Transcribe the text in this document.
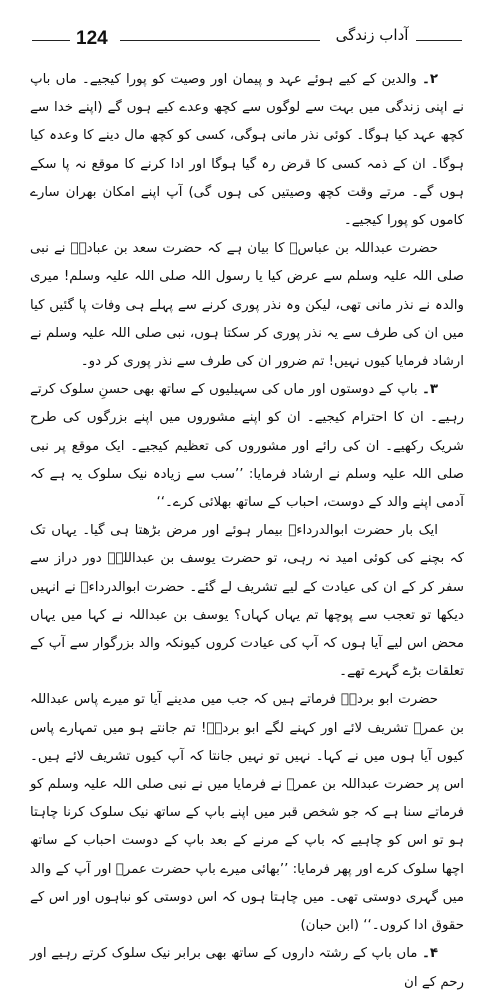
124	آداب زندگی

۲۔ والدین کے کیے ہوئے عہد و پیمان اور وصیت کو پورا کیجیے۔ ماں باپ نے اپنی زندگی میں بہت سے لوگوں سے کچھ وعدے کیے ہوں گے (اپنے خدا سے کچھ عہد کیا ہوگا۔ کوئی نذر مانی ہوگی، کسی کو کچھ مال دینے کا وعدہ کیا ہوگا۔ ان کے ذمہ کسی کا قرض رہ گیا ہوگا اور ادا کرنے کا موقع نہ پا سکے ہوں گے۔ مرتے وقت کچھ وصیتیں کی ہوں گی) آپ اپنے امکان بھران سارے کاموں کو پورا کیجیے۔

حضرت عبداللہ بن عباسؓ کا بیان ہے کہ حضرت سعد بن عبادہؓ نے نبی صلی اللہ علیہ وسلم سے عرض کیا یا رسول اللہ صلی اللہ علیہ وسلم! میری والدہ نے نذر مانی تھی، لیکن وہ نذر پوری کرنے سے پہلے ہی وفات پا گئیں کیا میں ان کی طرف سے یہ نذر پوری کر سکتا ہوں، نبی صلی اللہ علیہ وسلم نے ارشاد فرمایا کیوں نہیں! تم ضرور ان کی طرف سے نذر پوری کر دو۔

۳۔ باپ کے دوستوں اور ماں کی سہیلیوں کے ساتھ بھی حسنِ سلوک کرتے رہیے۔ ان کا احترام کیجیے۔ ان کو اپنے مشوروں میں اپنے بزرگوں کی طرح شریک رکھیے۔ ان کی رائے اور مشوروں کی تعظیم کیجیے۔ ایک موقع پر نبی صلی اللہ علیہ وسلم نے ارشاد فرمایا: ’’سب سے زیادہ نیک سلوک یہ ہے کہ آدمی اپنے والد کے دوست، احباب کے ساتھ بھلائی کرے۔‘‘

ایک بار حضرت ابوالدرداءؓ بیمار ہوئے اور مرض بڑھتا ہی گیا۔ یہاں تک کہ بچنے کی کوئی امید نہ رہی، تو حضرت یوسف بن عبداللہؓ دور دراز سے سفر کر کے ان کی عیادت کے لیے تشریف لے گئے۔ حضرت ابوالدرداءؓ نے انہیں دیکھا تو تعجب سے پوچھا تم یہاں کہاں؟ یوسف بن عبداللہ نے کہا میں یہاں محض اس لیے آیا ہوں کہ آپ کی عیادت کروں کیونکہ والد بزرگوار سے آپ کے تعلقات بڑے گہرے تھے۔

حضرت ابو بردہؓ فرماتے ہیں کہ جب میں مدینے آیا تو میرے پاس عبداللہ بن عمرؓ تشریف لائے اور کہنے لگے ابو بردہؓ! تم جانتے ہو میں تمہارے پاس کیوں آیا ہوں میں نے کہا۔ نہیں تو نہیں جانتا کہ آپ کیوں تشریف لائے ہیں۔ اس پر حضرت عبداللہ بن عمرؓ نے فرمایا میں نے نبی صلی اللہ علیہ وسلم کو فرماتے سنا ہے کہ جو شخص قبر میں اپنے باپ کے ساتھ نیک سلوک کرنا چاہتا ہو تو اس کو چاہیے کہ باپ کے مرنے کے بعد باپ کے دوست احباب کے ساتھ اچھا سلوک کرے اور پھر فرمایا: ’’بھائی میرے باپ حضرت عمرؓ اور آپ کے والد میں گہری دوستی تھی۔ میں چاہتا ہوں کہ اس دوستی کو نباہوں اور اس کے حقوق ادا کروں۔‘‘ (ابن حبان)

۴۔ ماں باپ کے رشتہ داروں کے ساتھ بھی برابر نیک سلوک کرتے رہیے اور رحم کے ان
